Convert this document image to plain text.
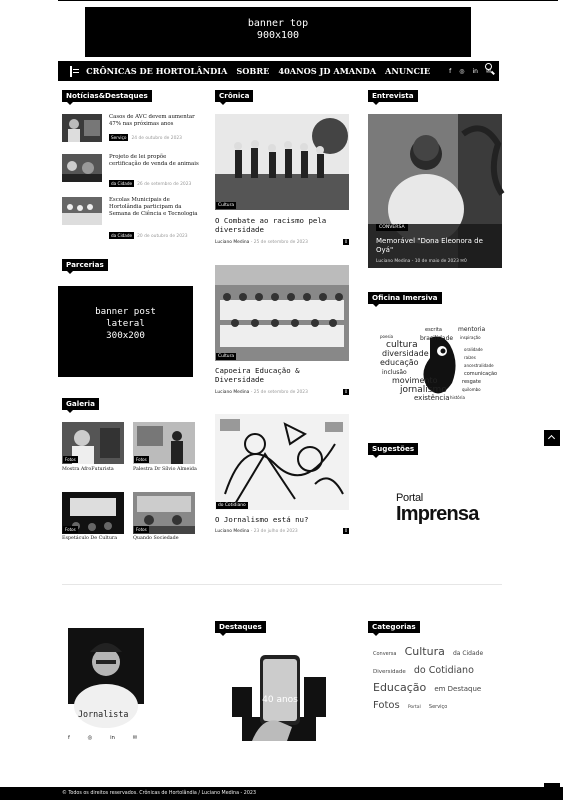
banner top
900x100
CRÔNICAS DE HORTOLÂNDIA SOBRE 40ANOS JD AMANDA ANUNCIE	f ◎ in ✉
Notícias&Destaques
Casos de AVC devem aumentar 47% nas próximas anos
Serviço 24 de outubro de 2023
Projeto de lei propõe certificação de venda de animais
da Cidade 26 de setembro de 2023
Escolas Municipais de Hortolândia participam da Semana de Ciência e Tecnologia
da Cidade 20 de outubro de 2023
Crônica
Cultura
O Combate ao racismo pela diversidade
Luciano Medina - 25 de setembro de 2023	0
Cultura
Capoeira Educação & Diversidade
Luciano Medina - 25 de setembro de 2023	0
do Cotidiano
O Jornalismo está nu?
Luciano Medina - 23 de julho de 2023	0
Entrevista
CONVERSA
Memorável "Dona Eleonora de Oyá"
Luciano Medina - 10 de maio de 2023 ✉0
Parcerias
banner post
lateral
300x200
Oficina Imersiva
escrita	mentoria
brasilidade inspiração
cultura
diversidade
educação
inclusão
movimento
jornalismo
existência
oralidade
raízes
ancestralidade
comunicação
resgate
quilombo
história
poesia
Galeria
Fotos
Mostra AfroFuturista
Fotos
Palestra Dr Sílvio Almeida
Fotos
Espetáculo De Cultura
Fotos
Quando Sociedade
Sugestões
Portal
Imprensa
Jornalista
f	◎	in	✉
Destaques
40 anos
Categorias
Conversa Cultura da Cidade Diversidade do Cotidiano Educação em Destaque Fotos Portal Serviço
© Todos os direitos reservados. Crônicas de Hortolândia / Luciano Medina - 2023
